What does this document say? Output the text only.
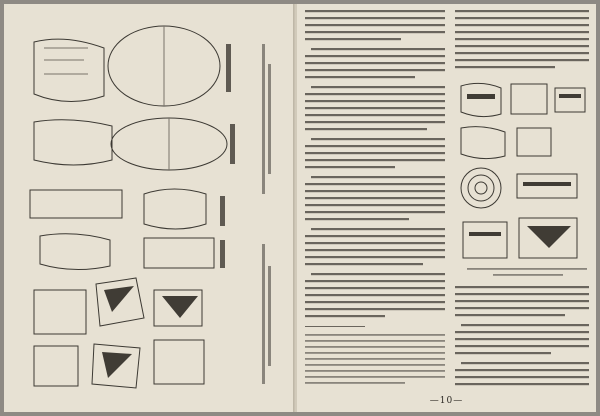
—10—
